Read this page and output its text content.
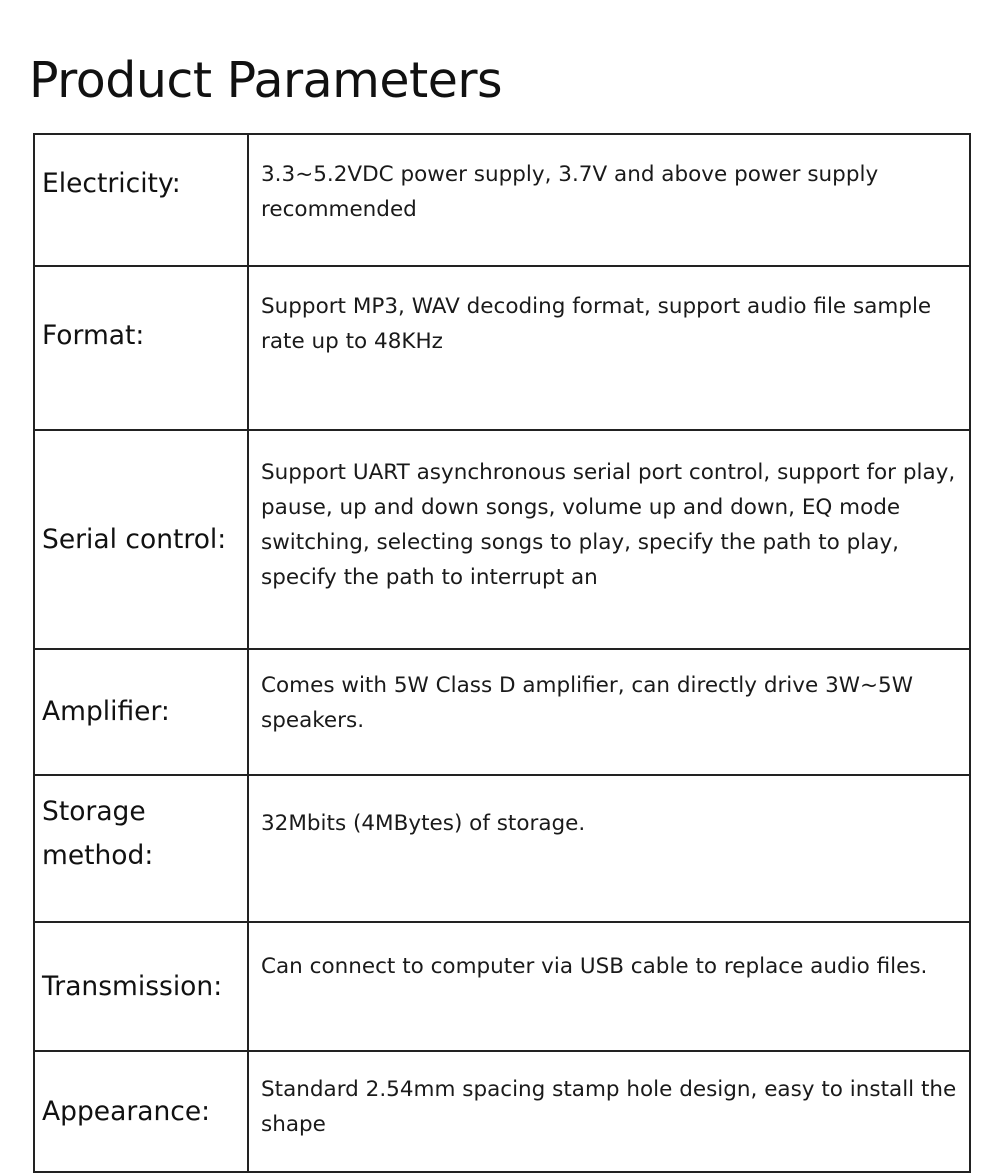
Product Parameters
Electricity:	3.3~5.2VDC power supply, 3.7V and above power supply recommended
Format:	Support MP3, WAV decoding format, support audio file sample rate up to 48KHz
Serial control:	Support UART asynchronous serial port control, support for play, pause, up and down songs, volume up and down, EQ mode switching, selecting songs to play, specify the path to play, specify the path to interrupt an
Amplifier:	Comes with 5W Class D amplifier, can directly drive 3W~5W speakers.
Storage method:	32Mbits (4MBytes) of storage.
Transmission:	Can connect to computer via USB cable to replace audio files.
Appearance:	Standard 2.54mm spacing stamp hole design, easy to install the shape
